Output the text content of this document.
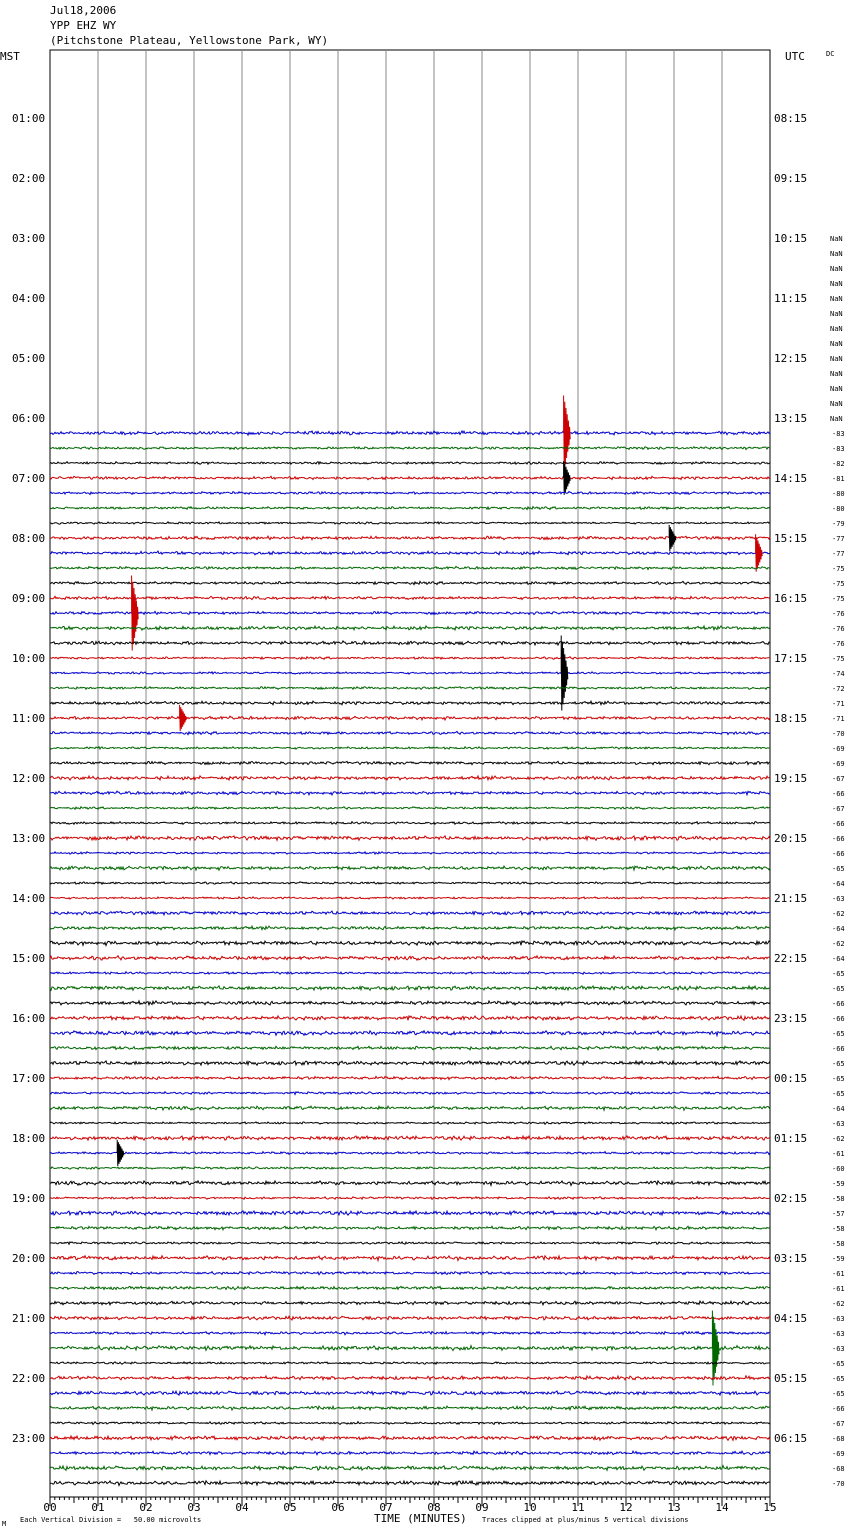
Jul18,2006
YPP EHZ WY
(Pitchstone Plateau, Yellowstone Park, WY)
MST	UTC	DC
00	01	02	03	04	05	06	07	08	09	10	11	12	13	14	15
01:00
02:00
03:00
04:00
05:00
06:00
07:00
08:00
09:00
10:00
11:00
12:00
13:00
14:00
15:00
16:00
17:00
18:00
19:00
20:00
21:00
22:00
23:00
08:15
09:15
10:15
11:15
12:15
13:15
14:15
15:15
16:15
17:15
18:15
19:15
20:15
21:15
22:15
23:15
00:15
01:15
02:15
03:15
04:15
05:15
06:15
NaN
NaN
NaN
NaN
NaN
NaN
NaN
NaN
NaN
NaN
NaN
NaN
NaN
-83
-83
-82
-81
-80
-80
-79
-77
-77
-75
-75
-75
-76
-76
-76
-75
-74
-72
-71
-71
-70
-69
-69
-67
-66
-67
-66
-66
-66
-65
-64
-63
-62
-64
-62
-64
-65
-65
-66
-66
-65
-66
-65
-65
-65
-64
-63
-62
-61
-60
-59
-58
-57
-58
-58
-59
-61
-61
-62
-63
-63
-63
-65
-65
-65
-66
-67
-68
-69
-68
-70
M Each Vertical Division =   50.00 microvolts	TIME (MINUTES) Traces clipped at plus/minus 5 vertical divisions
